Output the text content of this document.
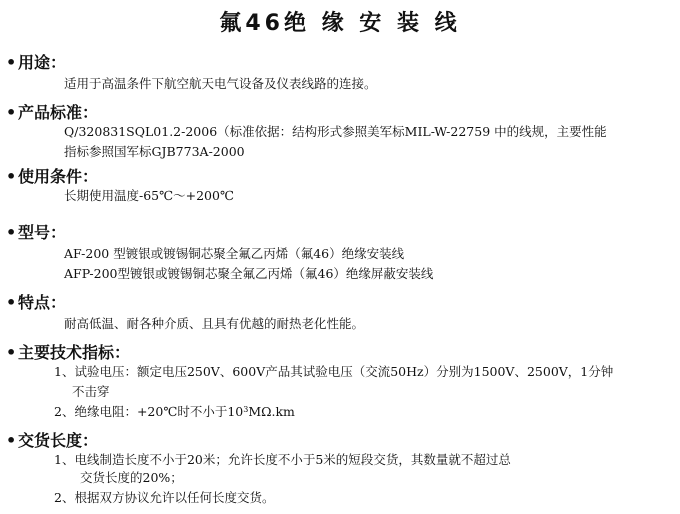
氟46绝 缘 安 装 线
• 用途：
适用于高温条件下航空航天电气设备及仪表线路的连接。
• 产品标准：
Q/320831SQL01.2-2006（标准依据：结构形式参照美军标MIL-W-22759 中的线规，主要性能
指标参照国军标GJB773A-2000
• 使用条件：
长期使用温度-65℃～+200℃
• 型号：
AF-200 型镀银或镀锡铜芯聚全氟乙丙烯（氟46）绝缘安装线
AFP-200型镀银或镀锡铜芯聚全氟乙丙烯（氟46）绝缘屏蔽安装线
• 特点：
耐高低温、耐各种介质、且具有优越的耐热老化性能。
• 主要技术指标：
1、试验电压：额定电压250V、600V产品其试验电压（交流50Hz）分别为1500V、2500V，1分钟
不击穿
2、绝缘电阻：+20℃时不小于$10^3M\Omega.km$
• 交货长度：
1、电线制造长度不小于20米；允许长度不小于5米的短段交货，其数量就不超过总
交货长度的20%；
2、根据双方协议允许以任何长度交货。
